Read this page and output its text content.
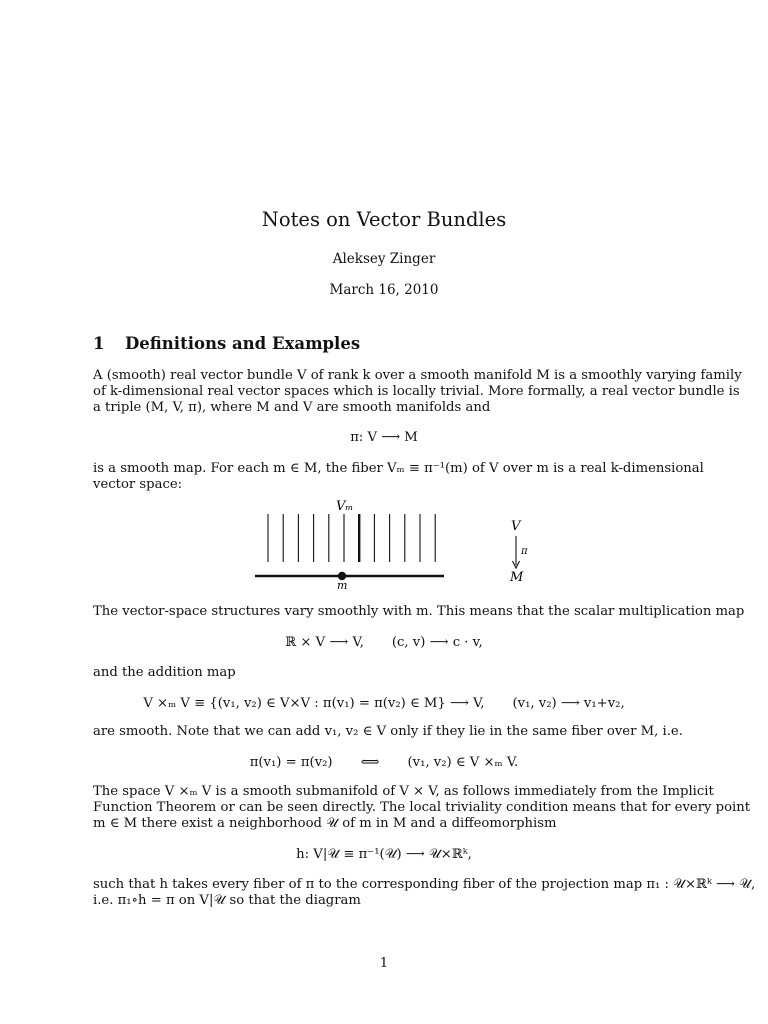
Notes on Vector Bundles
Aleksey Zinger
March 16, 2010
1 Definitions and Examples
A (smooth) real vector bundle V of rank k over a smooth manifold M is a smoothly varying family
of k-dimensional real vector spaces which is locally trivial. More formally, a real vector bundle is
a triple (M, V, π), where M and V are smooth manifolds and
π: V ⟶ M
is a smooth map. For each m ∈ M, the fiber Vₘ ≡ π⁻¹(m) of V over m is a real k-dimensional
vector space:
Vₘ
m
V
π
M
The vector-space structures vary smoothly with m. This means that the scalar multiplication map
ℝ × V ⟶ V, (c, v) ⟶ c · v,
and the addition map
V ×ₘ V ≡ {(v₁, v₂) ∈ V×V : π(v₁) = π(v₂) ∈ M} ⟶ V, (v₁, v₂) ⟶ v₁+v₂,
are smooth. Note that we can add v₁, v₂ ∈ V only if they lie in the same fiber over M, i.e.
π(v₁) = π(v₂) ⟺ (v₁, v₂) ∈ V ×ₘ V.
The space V ×ₘ V is a smooth submanifold of V × V, as follows immediately from the Implicit
Function Theorem or can be seen directly. The local triviality condition means that for every point
m ∈ M there exist a neighborhood 𝒰 of m in M and a diffeomorphism
h: V|𝒰 ≡ π⁻¹(𝒰) ⟶ 𝒰×ℝᵏ,
such that h takes every fiber of π to the corresponding fiber of the projection map π₁ : 𝒰×ℝᵏ ⟶ 𝒰,
i.e. π₁∘h = π on V|𝒰 so that the diagram
1
